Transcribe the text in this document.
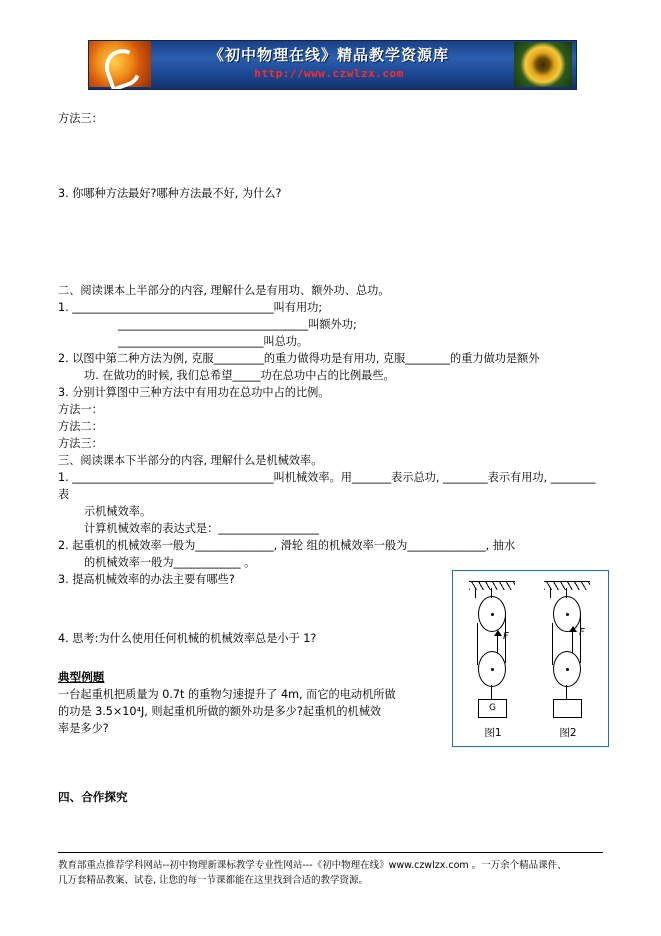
《初中物理在线》精品教学资源库
http://www.czwlzx.com

方法三：

3. 你哪种方法最好?哪种方法最不好, 为什么?

二、阅读课本上半部分的内容, 理解什么是有用功、额外功、总功。

1. ____________________________________叫有用功;

__________________________________叫额外功;

__________________________叫总功。

2. 以图中第二种方法为例, 克服_________的重力做得功是有用功, 克服________的重力做功是额外

功. 在做功的时候, 我们总希望_____功在总功中占的比例最些。

3. 分别计算图中三种方法中有用功在总功中占的比例。

方法一：

方法二：

方法三：

三、阅读课本下半部分的内容, 理解什么是机械效率。

1. ____________________________________叫机械效率。用_______表示总功, ________表示有用功, ________表

示机械效率。

计算机械效率的表达式是：__________________

2. 起重机的机械效率一般为______________, 滑轮 组的机械效率一般为______________, 抽水

的机械效率一般为____________ 。

3. 提高机械效率的办法主要有哪些?

4. 思考:为什么使用任何机械的机械效率总是小于 1?

典型例题

一台起重机把质量为 0.7t 的重物匀速提升了 4m, 而它的电动机所做

的功是 3.5×10⁴J, 则起重机所做的额外功是多少?起重机的机械效

率是多少?

四、合作探究

F
G
图1
F
图2
教育部重点推荐学科网站--初中物理新课标教学专业性网站---《初中物理在线》www.czwlzx.com 。一万余个精品课件、
几万套精品教案、试卷, 让您的每一节课都能在这里找到合适的教学资源。
